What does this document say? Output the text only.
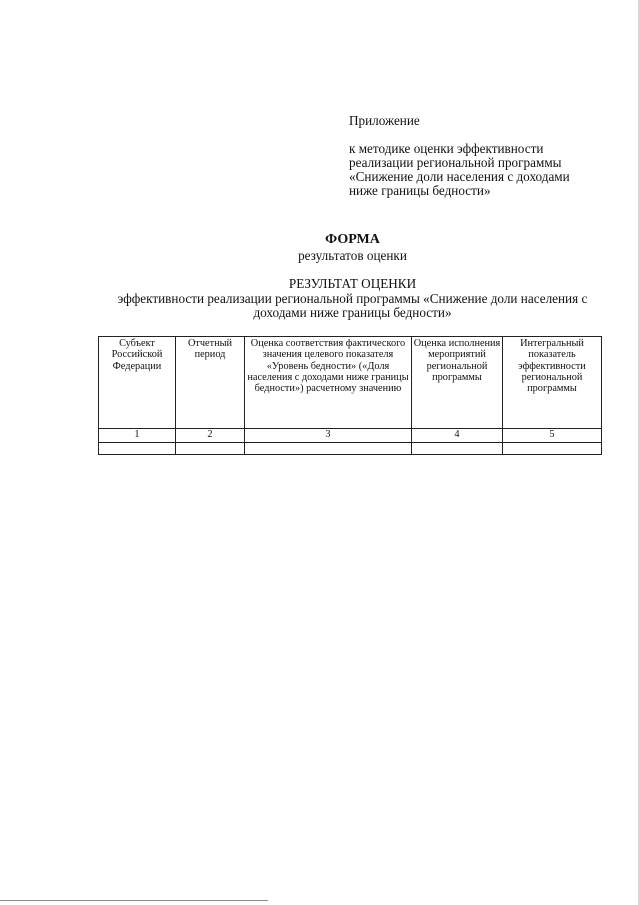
Приложение

к методике оценки эффективности

реализации региональной программы

«Снижение доли населения с доходами

ниже границы бедности»

ФОРМА

результатов оценки

РЕЗУЛЬТАТ ОЦЕНКИ

эффективности реализации региональной программы «Снижение доли населения с доходами ниже границы бедности»

Субъект Российской Федерации	Отчетный период	Оценка соответствия фактического значения целевого показателя «Уровень бедности» («Доля населения с доходами ниже границы бедности») расчетному значению	Оценка исполнения мероприятий региональной программы	Интегральный показатель эффективности региональной программы
1	2	3	4	5
